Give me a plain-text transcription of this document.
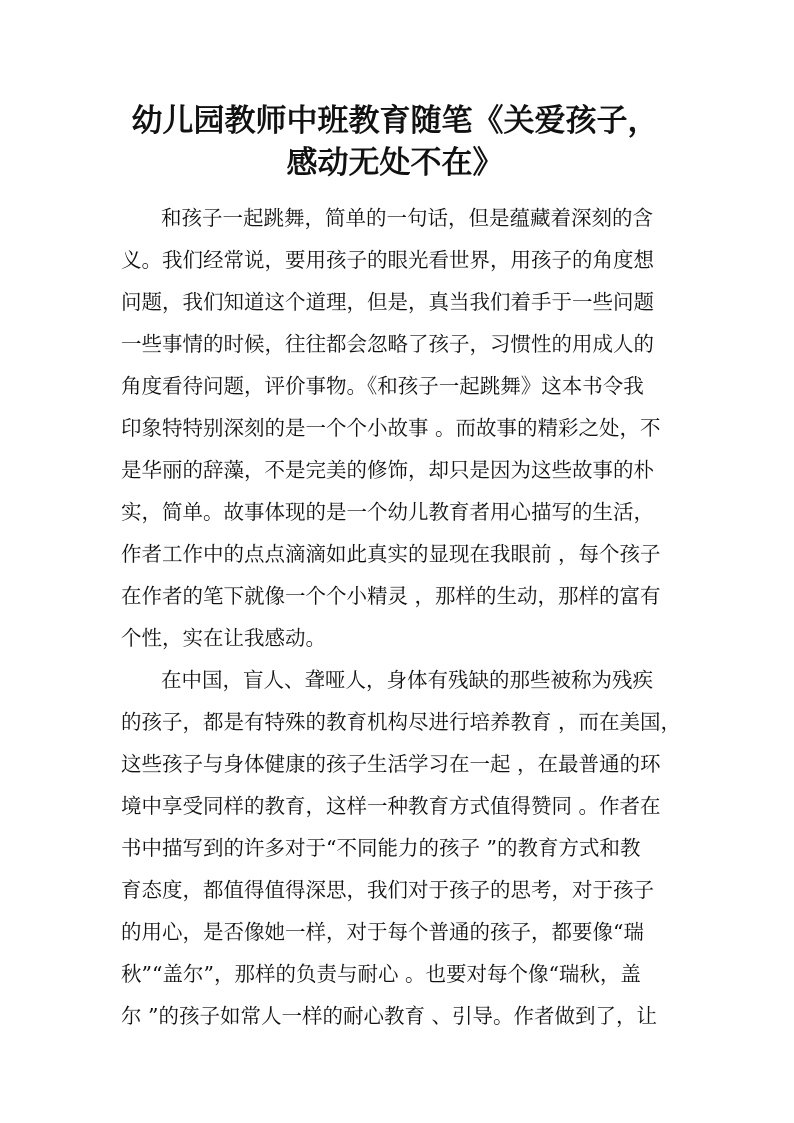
幼儿园教师中班教育随笔《关爱孩子，
感动无处不在》
和孩子一起跳舞，简单的一句话，但是蕴藏着深刻的含
义。我们经常说，要用孩子的眼光看世界，用孩子的角度想
问题，我们知道这个道理，但是，真当我们着手于一些问题
一些事情的时候，往往都会忽略了孩子，习惯性的用成人的
角度看待问题，评价事物。《和孩子一起跳舞》这本书令我
印象特特别深刻的是一个个小故事 。而故事的精彩之处，不
是华丽的辞藻，不是完美的修饰，却只是因为这些故事的朴
实，简单。故事体现的是一个幼儿教育者用心描写的生活，
作者工作中的点点滴滴如此真实的显现在我眼前 ，每个孩子
在作者的笔下就像一个个小精灵 ，那样的生动，那样的富有
个性，实在让我感动。
在中国，盲人、聋哑人，身体有残缺的那些被称为残疾
的孩子，都是有特殊的教育机构尽进行培养教育 ，而在美国，
这些孩子与身体健康的孩子生活学习在一起 ，在最普通的环
境中享受同样的教育，这样一种教育方式值得赞同 。作者在
书中描写到的许多对于“不同能力的孩子 ”的教育方式和教
育态度，都值得值得深思，我们对于孩子的思考，对于孩子
的用心，是否像她一样，对于每个普通的孩子，都要像“瑞
秋”“盖尔”，那样的负责与耐心 。也要对每个像“瑞秋，盖
尔 ”的孩子如常人一样的耐心教育 、引导。作者做到了，让
